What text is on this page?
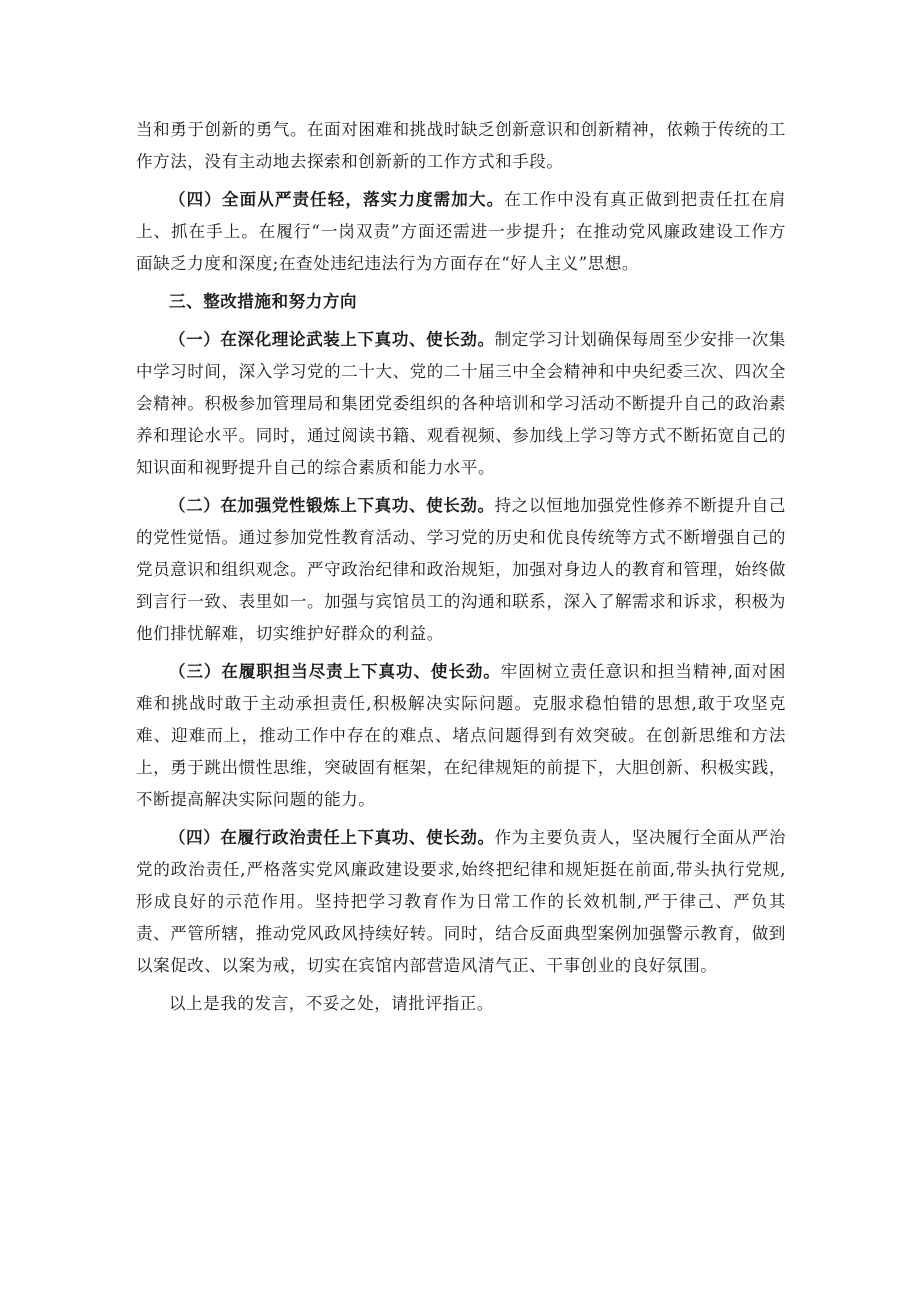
当和勇于创新的勇气。在面对困难和挑战时缺乏创新意识和创新精神，依赖于传统的工作方法，没有主动地去探索和创新新的工作方式和手段。

（四）全面从严责任轻，落实力度需加大。在工作中没有真正做到把责任扛在肩上、抓在手上。在履行“一岗双责”方面还需进一步提升；在推动党风廉政建设工作方面缺乏力度和深度;在查处违纪违法行为方面存在“好人主义”思想。

三、整改措施和努力方向

（一）在深化理论武装上下真功、使长劲。制定学习计划确保每周至少安排一次集中学习时间，深入学习党的二十大、党的二十届三中全会精神和中央纪委三次、四次全会精神。积极参加管理局和集团党委组织的各种培训和学习活动不断提升自己的政治素养和理论水平。同时，通过阅读书籍、观看视频、参加线上学习等方式不断拓宽自己的知识面和视野提升自己的综合素质和能力水平。

（二）在加强党性锻炼上下真功、使长劲。持之以恒地加强党性修养不断提升自己的党性觉悟。通过参加党性教育活动、学习党的历史和优良传统等方式不断增强自己的党员意识和组织观念。严守政治纪律和政治规矩，加强对身边人的教育和管理，始终做到言行一致、表里如一。加强与宾馆员工的沟通和联系，深入了解需求和诉求，积极为他们排忧解难，切实维护好群众的利益。

（三）在履职担当尽责上下真功、使长劲。牢固树立责任意识和担当精神,面对困难和挑战时敢于主动承担责任,积极解决实际问题。克服求稳怕错的思想,敢于攻坚克难、迎难而上，推动工作中存在的难点、堵点问题得到有效突破。在创新思维和方法上，勇于跳出惯性思维，突破固有框架，在纪律规矩的前提下，大胆创新、积极实践，不断提高解决实际问题的能力。

（四）在履行政治责任上下真功、使长劲。作为主要负责人，坚决履行全面从严治党的政治责任,严格落实党风廉政建设要求,始终把纪律和规矩挺在前面,带头执行党规,形成良好的示范作用。坚持把学习教育作为日常工作的长效机制,严于律己、严负其责、严管所辖，推动党风政风持续好转。同时，结合反面典型案例加强警示教育，做到以案促改、以案为戒，切实在宾馆内部营造风清气正、干事创业的良好氛围。

以上是我的发言，不妥之处，请批评指正。
